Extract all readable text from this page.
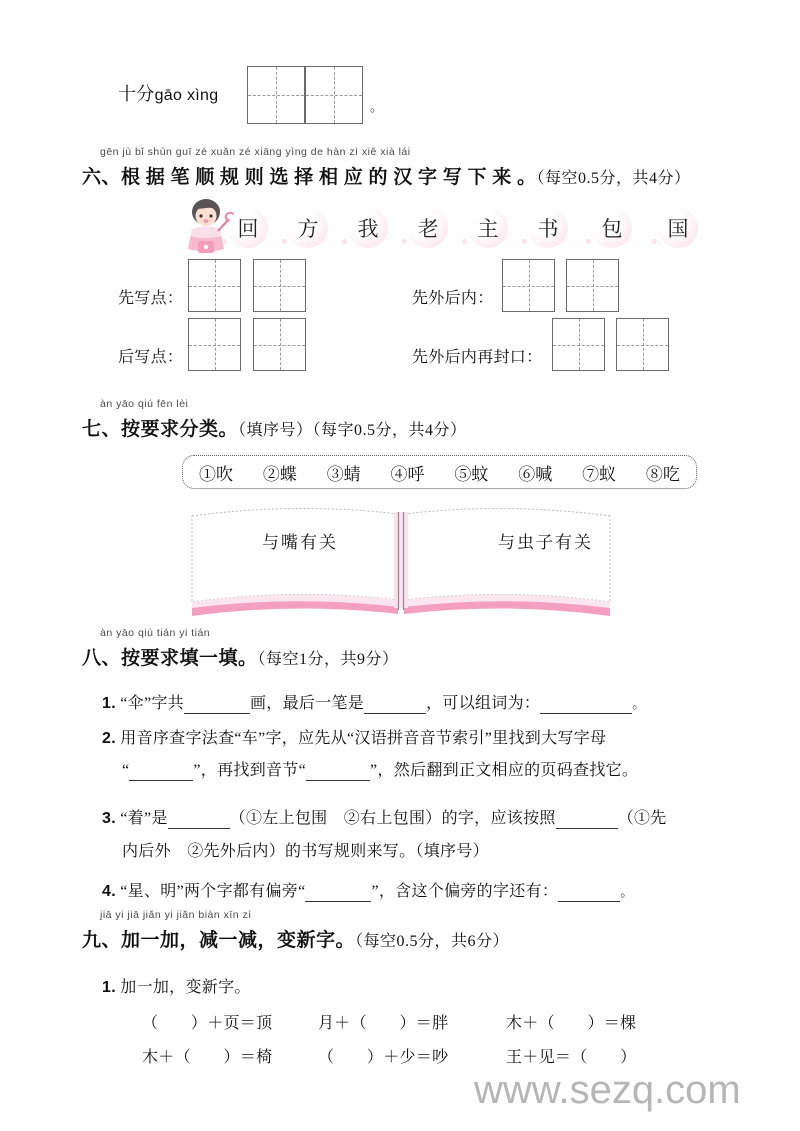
十分gāo xìng
。
gēn jù bǐ shùn guī zé xuǎn zé xiāng yìng de hàn zì xiě xià lái
六、根 据 笔 顺 规 则 选 择 相 应 的 汉 字 写 下 来 。（每空0.5分，共4分）
回 方 我 老 主 书 包 国
先写点：	先外后内：
后写点：	先外后内再封口：
àn yāo qiú fēn lèi
七、按要求分类。（填序号）（每字0.5分，共4分）
①吹 ②蝶 ③蜻 ④呼 ⑤蚊 ⑥喊 ⑦蚁 ⑧吃
与嘴有关	与虫子有关
àn yāo qiú tián yi tián
八、按要求填一填。（每空1分，共9分）
1. “伞”字共	画，最后一笔是	，可以组词为：	。
2. 用音序查字法查“车”字，应先从“汉语拼音音节索引”里找到大写字母
“	”，再找到音节“	”，然后翻到正文相应的页码查找它。
3. “着”是	（①左上包围　②右上包围）的字，应该按照	（①先
内后外　②先外后内）的书写规则来写。（填序号）
4. “星、明”两个字都有偏旁“	”，含这个偏旁的字还有：	。
jiā yi jiā jiǎn yi jiǎn biàn xīn zì
九、加一加，减一减，变新字。（每空0.5分，共6分）
1. 加一加，变新字。
（　　）＋页＝顶	月＋（　　）＝胖	木＋（　　）＝棵
木＋（　　）＝椅	（　　）＋少＝吵	王＋见＝（　　）
www.sezq.com
